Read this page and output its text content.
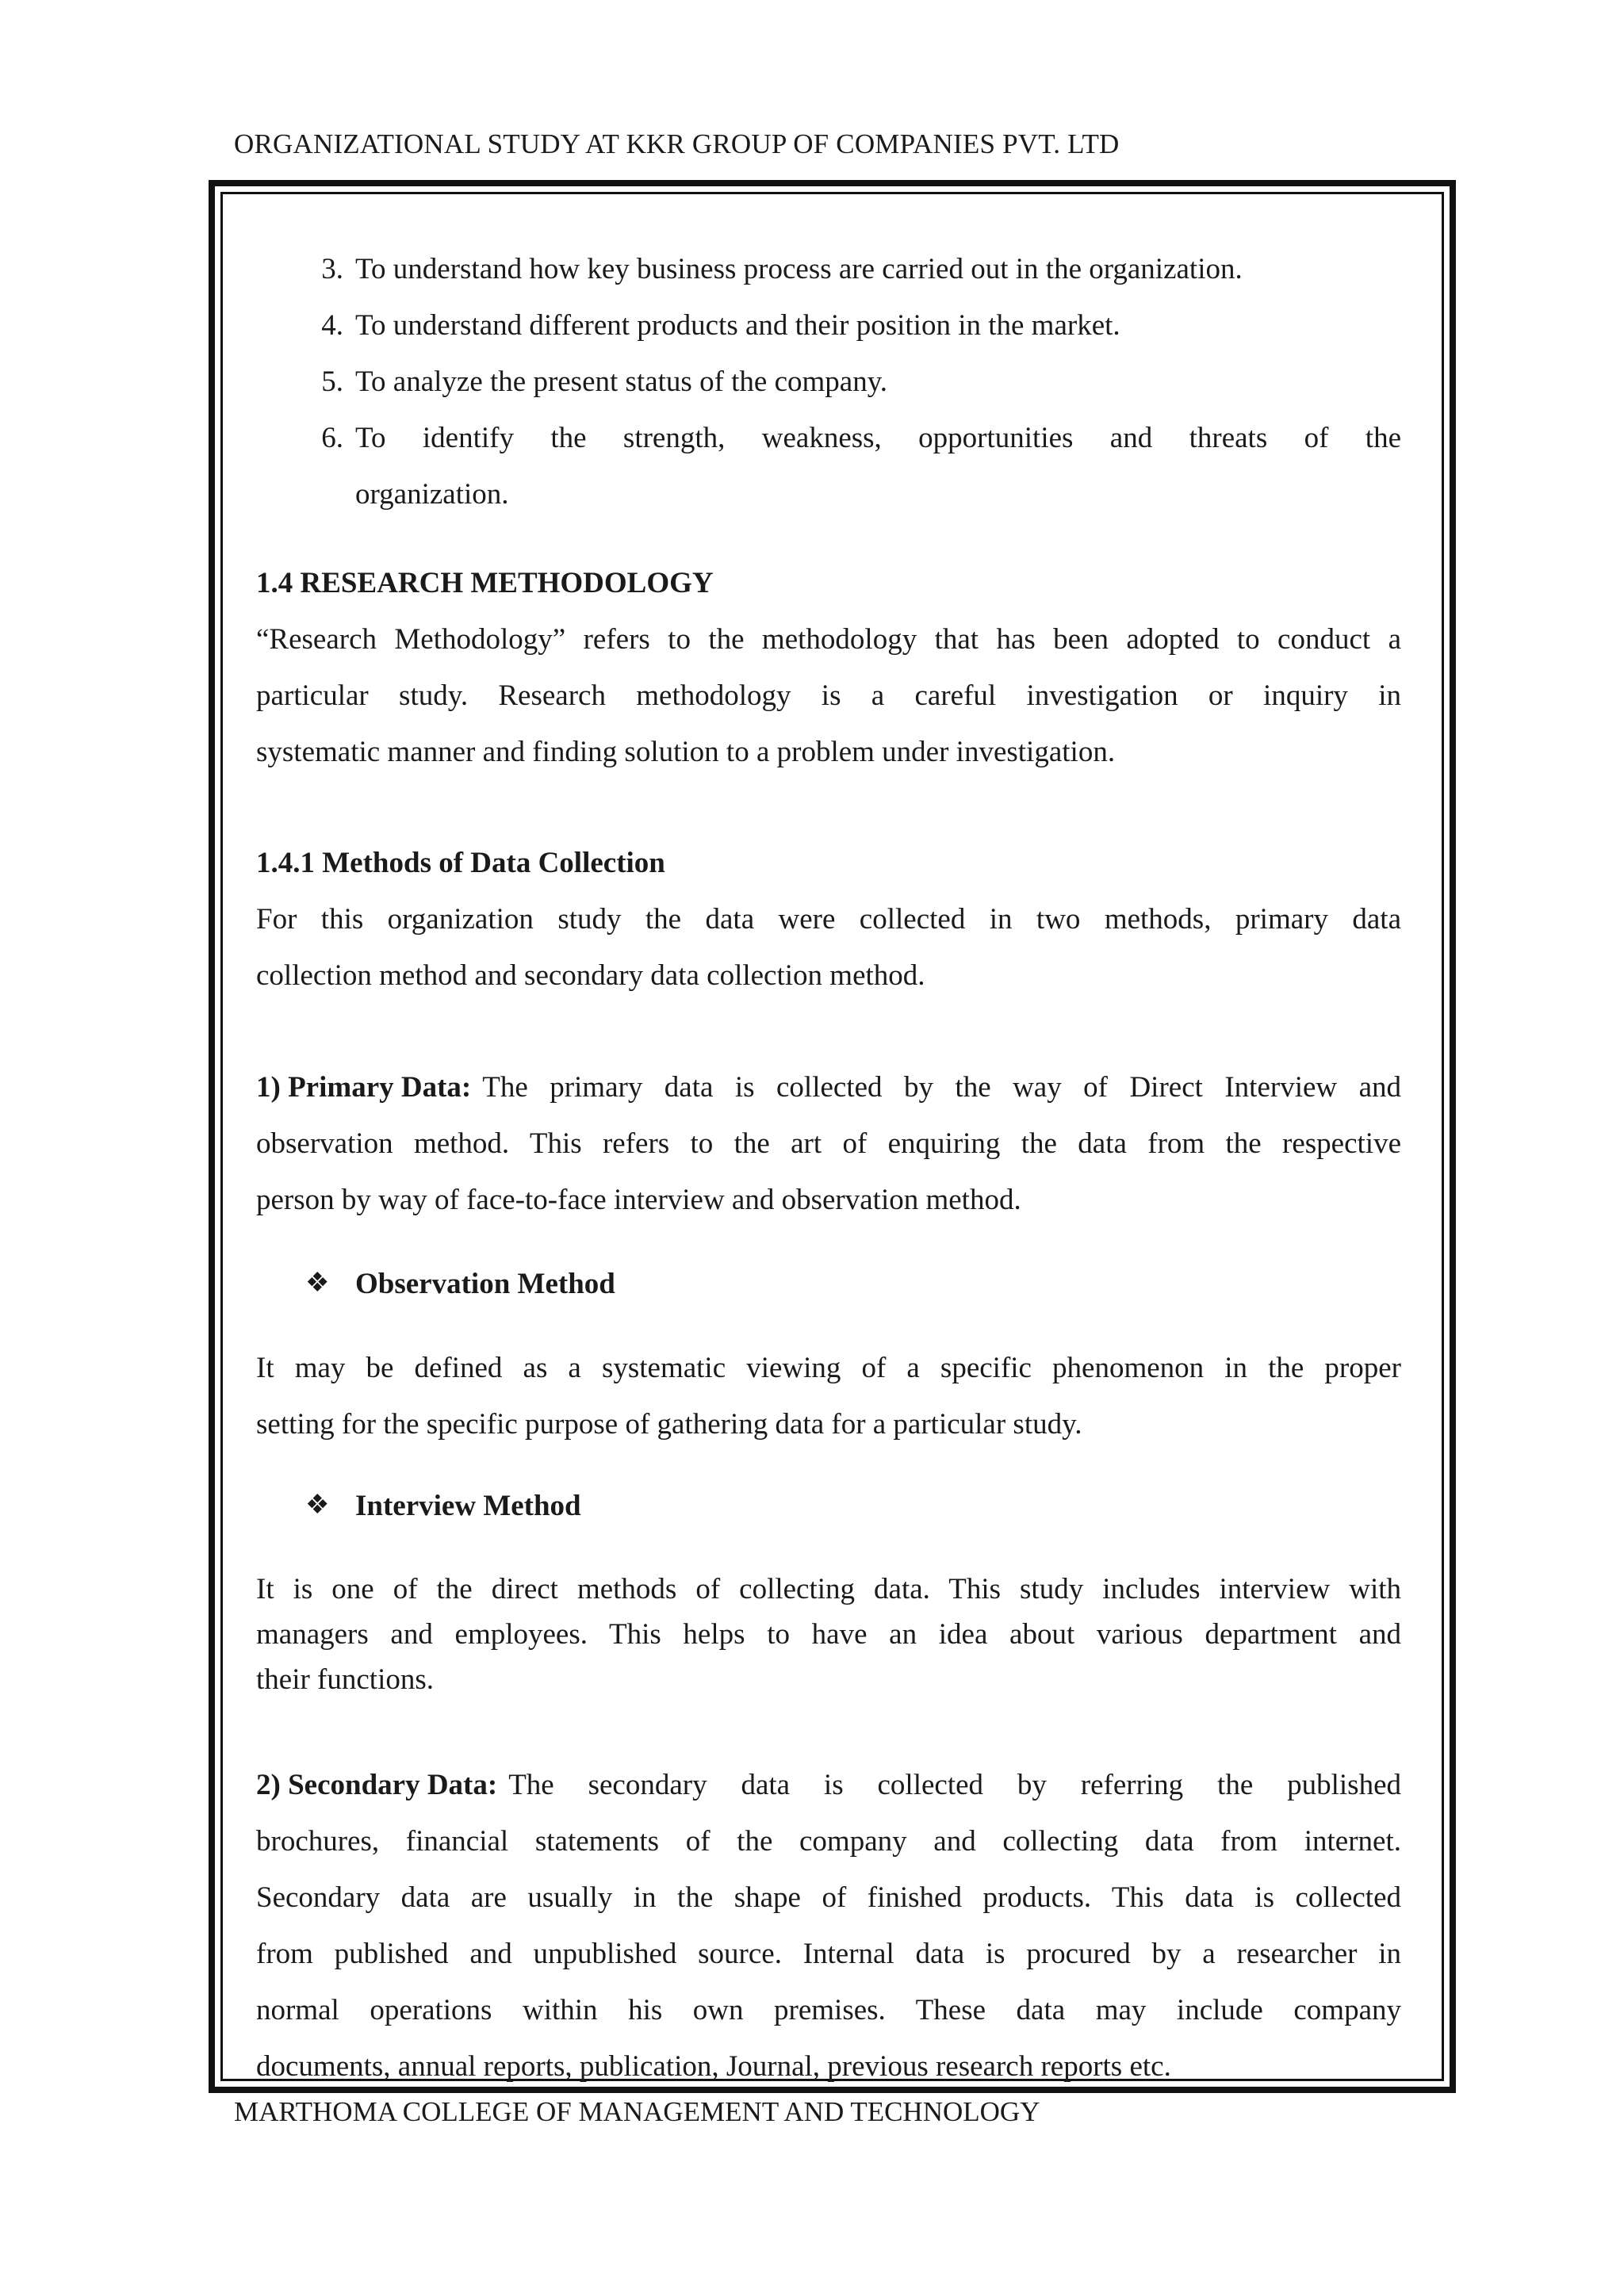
ORGANIZATIONAL STUDY AT KKR GROUP OF COMPANIES PVT. LTD
3. To understand how key business process are carried out in the organization.
4. To understand different products and their position in the market.
5. To analyze the present status of the company.
6. To identify the strength, weakness, opportunities and threats of the
organization.
1.4 RESEARCH METHODOLOGY
“Research Methodology” refers to the methodology that has been adopted to conduct a
particular study. Research methodology is a careful investigation or inquiry in
systematic manner and finding solution to a problem under investigation.
1.4.1 Methods of Data Collection
For this organization study the data were collected in two methods, primary data
collection method and secondary data collection method.
1) Primary Data: The primary data is collected by the way of Direct Interview and
observation method. This refers to the art of enquiring the data from the respective
person by way of face-to-face interview and observation method.
❖ Observation Method
It may be defined as a systematic viewing of a specific phenomenon in the proper
setting for the specific purpose of gathering data for a particular study.
❖ Interview Method
It is one of the direct methods of collecting data. This study includes interview with
managers and employees. This helps to have an idea about various department and
their functions.
2) Secondary Data: The secondary data is collected by referring the published
brochures, financial statements of the company and collecting data from internet.
Secondary data are usually in the shape of finished products. This data is collected
from published and unpublished source. Internal data is procured by a researcher in
normal operations within his own premises. These data may include company
documents, annual reports, publication, Journal, previous research reports etc.
MARTHOMA COLLEGE OF MANAGEMENT AND TECHNOLOGY
